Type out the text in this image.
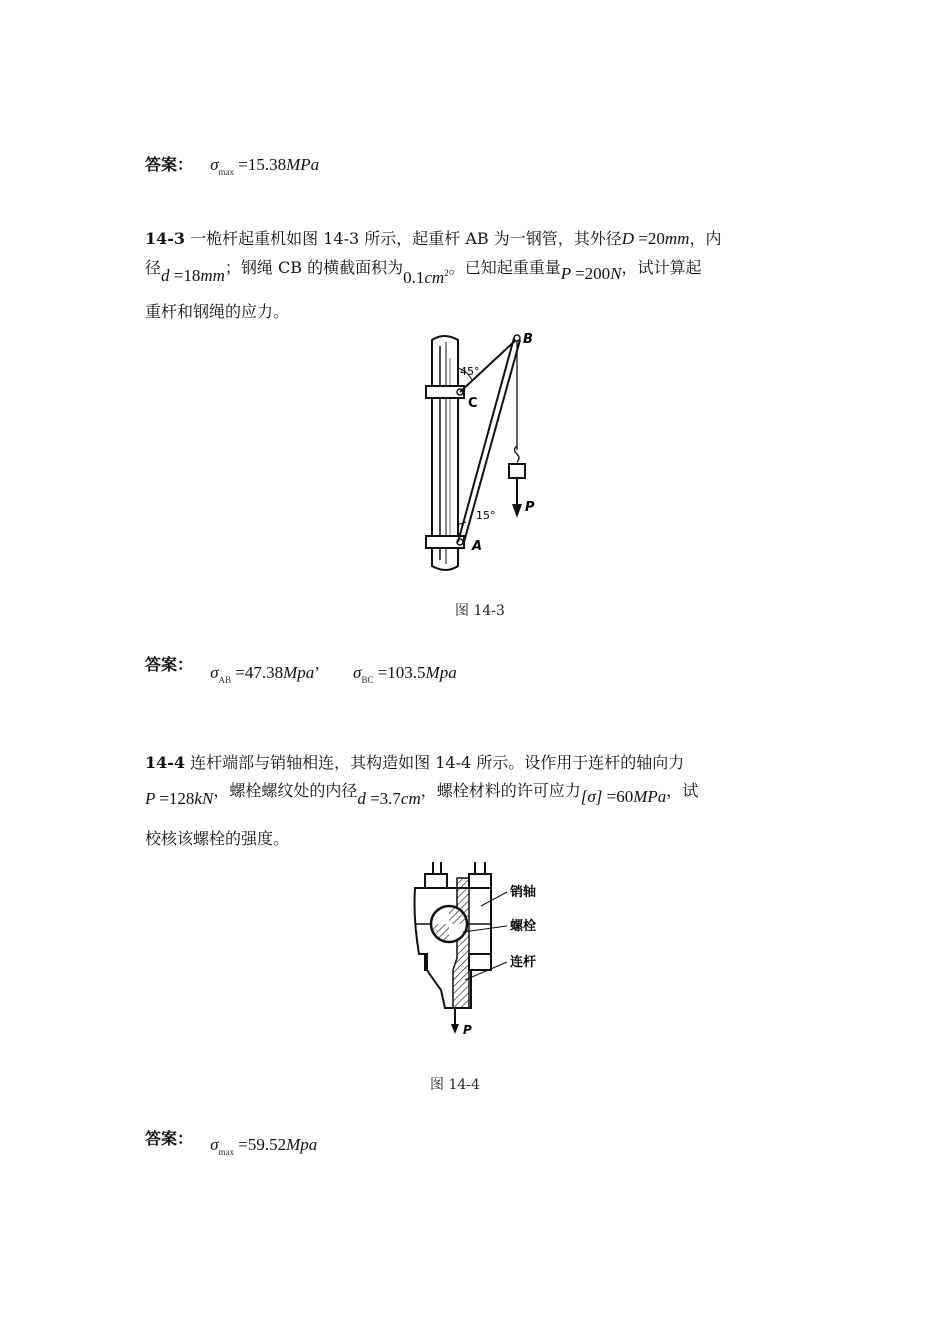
答案： $\sigma_{max} =15.38MPa$
14-3 一桅杆起重机如图 14-3 所示，起重杆 AB 为一钢管，其外径D =20mm，内
径d =18mm；钢绳 CB 的横截面积为$0.1cm^2$。已知起重重量P =200N，试计算起
重杆和钢绳的应力。
B
C
A
P
45°
15°
图 14-3
答案： $\sigma_{AB} =47.38Mpa$’ $\sigma_{BC} =103.5Mpa$
14-4 连杆端部与销轴相连，其构造如图 14-4 所示。设作用于连杆的轴向力
P =128kN，螺栓螺纹处的内径d =3.7cm，螺栓材料的许可应力[σ] =60MPa，试
校核该螺栓的强度。
销轴
螺栓
连杆
P
图 14-4
答案： $\sigma_{max} =59.52Mpa$
